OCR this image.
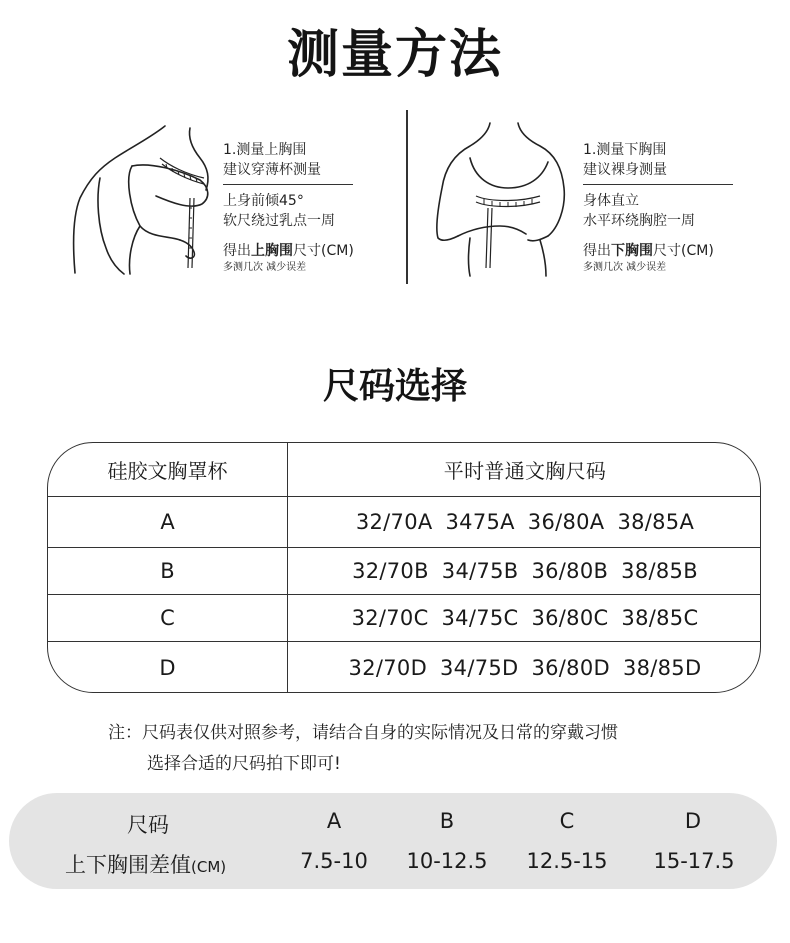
测量方法
1.测量上胸围
建议穿薄杯测量
上身前倾45°
软尺绕过乳点一周
得出上胸围尺寸(CM)
多测几次 减少误差
1.测量下胸围
建议裸身测量
身体直立
水平环绕胸腔一周
得出下胸围尺寸(CM)
多测几次 减少误差
尺码选择
硅胶文胸罩杯	平时普通文胸尺码
A	32/70A 3475A 36/80A 38/85A
B	32/70B 34/75B 36/80B 38/85B
C	32/70C 34/75C 36/80C 38/85C
D	32/70D 34/75D 36/80D 38/85D
注：尺码表仅供对照参考，请结合自身的实际情况及日常的穿戴习惯
选择合适的尺码拍下即可!
尺码	A	B	C	D
上下胸围差值(CM)	7.5-10	10-12.5	12.5-15	15-17.5
